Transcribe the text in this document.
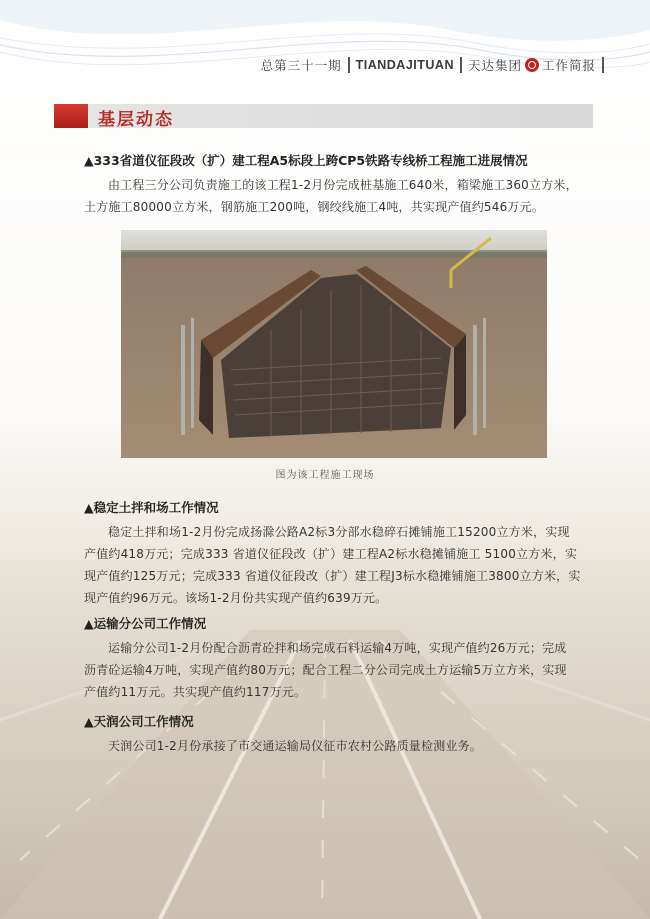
总第三十一期 TIANDAJITUAN 天达集团 工作简报
基层动态
▲333省道仪征段改（扩）建工程A5标段上跨CP5铁路专线桥工程施工进展情况
由工程三分公司负责施工的该工程1-2月份完成桩基施工640米，箱梁施工360立方米，
土方施工80000立方米，钢筋施工200吨，钢绞线施工4吨，共实现产值约546万元。
图为该工程施工现场
▲稳定土拌和场工作情况
稳定土拌和场1-2月份完成扬滁公路A2标3分部水稳碎石摊铺施工15200立方米，实现
产值约418万元；完成333 省道仪征段改（扩）建工程A2标水稳摊铺施工 5100立方米，实
现产值约125万元；完成333 省道仪征段改（扩）建工程J3标水稳摊铺施工3800立方米，实
现产值约96万元。该场1-2月份共实现产值约639万元。
▲运输分公司工作情况
运输分公司1-2月份配合沥青砼拌和场完成石料运输4万吨，实现产值约26万元；完成
沥青砼运输4万吨，实现产值约80万元；配合工程二分公司完成土方运输5万立方米，实现
产值约11万元。共实现产值约117万元。
▲天润公司工作情况
天润公司1-2月份承接了市交通运输局仪征市农村公路质量检测业务。
